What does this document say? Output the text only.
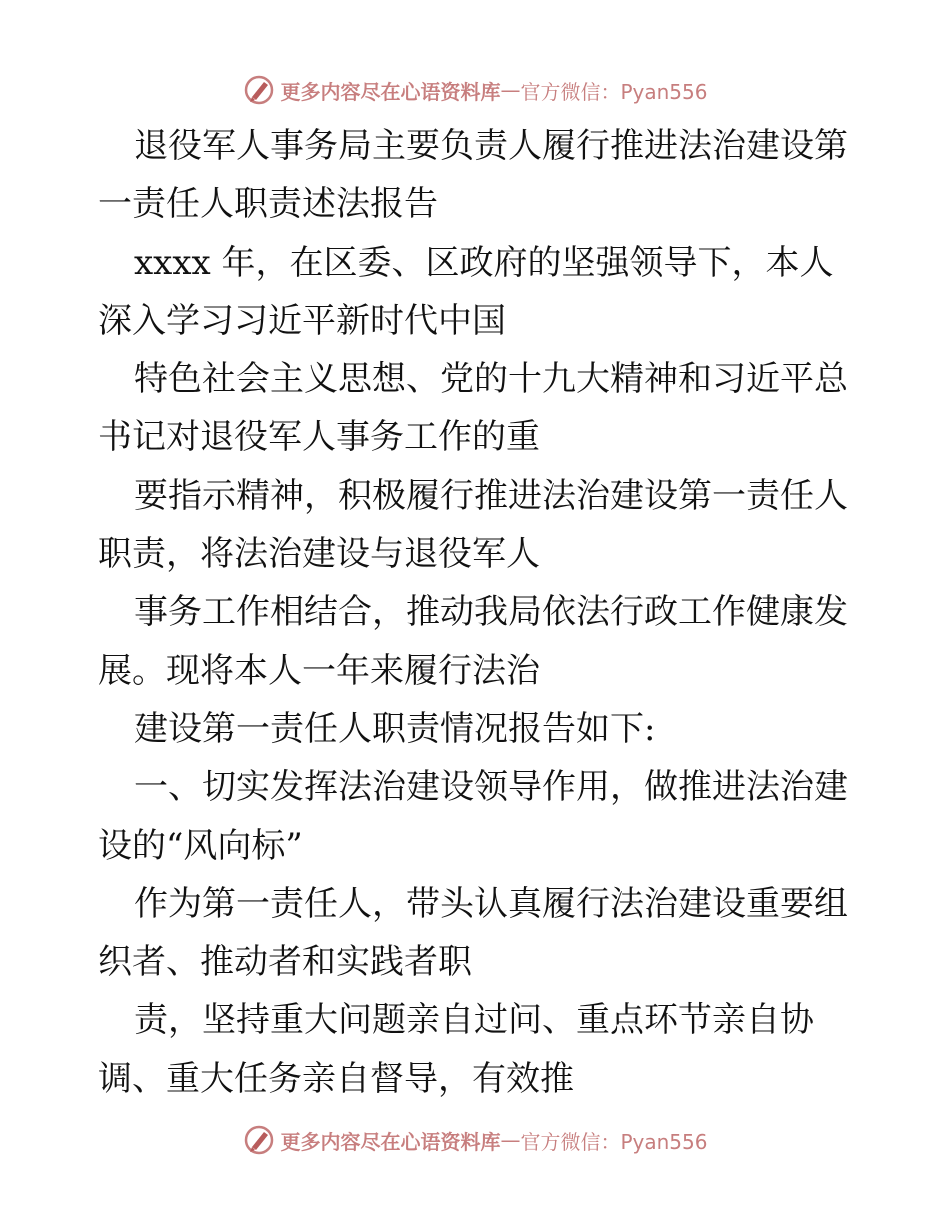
更多内容尽在心语资料库 — 官方微信：Pyan556
退役军人事务局主要负责人履行推进法治建设第
一责任人职责述法报告
xxxx 年，在区委、区政府的坚强领导下，本人
深入学习习近平新时代中国
特色社会主义思想、党的十九大精神和习近平总
书记对退役军人事务工作的重
要指示精神，积极履行推进法治建设第一责任人
职责，将法治建设与退役军人
事务工作相结合，推动我局依法行政工作健康发
展。现将本人一年来履行法治
建设第一责任人职责情况报告如下:
一、切实发挥法治建设领导作用，做推进法治建
设的“风向标”
作为第一责任人，带头认真履行法治建设重要组
织者、推动者和实践者职
责，坚持重大问题亲自过问、重点环节亲自协
调、重大任务亲自督导，有效推
更多内容尽在心语资料库 — 官方微信：Pyan556
